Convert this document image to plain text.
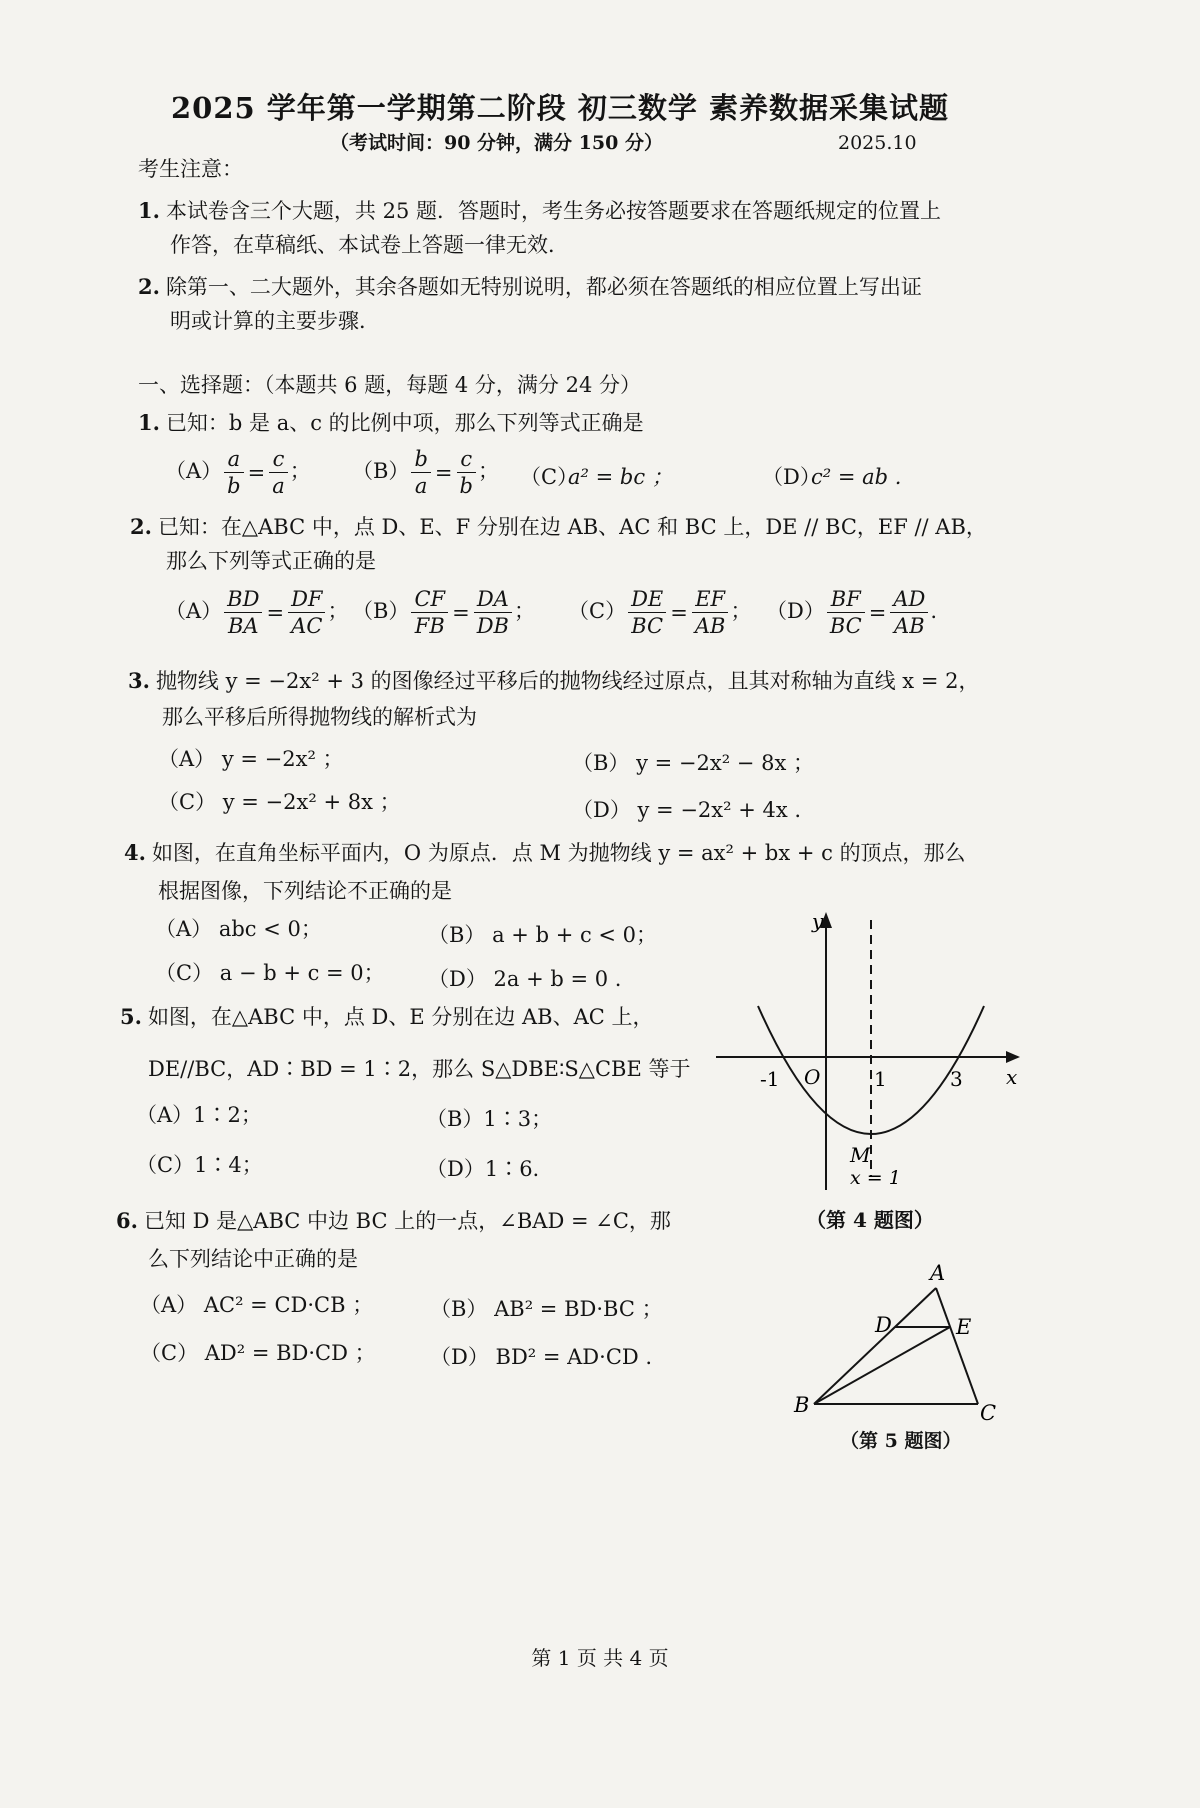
2025 学年第一学期第二阶段 初三数学 素养数据采集试题
（考试时间：90 分钟，满分 150 分）	2025.10
考生注意：
1. 本试卷含三个大题，共 25 题．答题时，考生务必按答题要求在答题纸规定的位置上
作答，在草稿纸、本试卷上答题一律无效．
2. 除第一、二大题外，其余各题如无特别说明，都必须在答题纸的相应位置上写出证
明或计算的主要步骤．
一、选择题：（本题共 6 题，每题 4 分，满分 24 分）
1. 已知：b 是 a、c 的比例中项，那么下列等式正确是
$(A) \frac{a}{b} = \frac{c}{a}$ ； $(B) \frac{b}{a} = \frac{c}{b}$ ；	a² = bc ；
（C）	c² = ab .
（D）
2. 已知：在△ABC 中，点 D、E、F 分别在边 AB、AC 和 BC 上，DE // BC，EF // AB，
那么下列等式正确的是
$(A) \frac{BD}{BA} = \frac{DF}{AC}$ ； $(B) \frac{CF}{FB} = \frac{DA}{DB}$ ； $(C) \frac{DE}{BC} = \frac{EF}{AB}$ ； $(D) \frac{BF}{BC} = \frac{AD}{AB}$ .
3. 抛物线 y = −2x² + 3 的图像经过平移后的抛物线经过原点，且其对称轴为直线 x = 2，
那么平移后所得抛物线的解析式为
（A） y = −2x² ；	（B） y = −2x² − 8x ；
（C） y = −2x² + 8x ；	（D） y = −2x² + 4x .
4. 如图，在直角坐标平面内，O 为原点．点 M 为抛物线 y = ax² + bx + c 的顶点，那么
根据图像，下列结论不正确的是
（A） abc < 0；	（B） a + b + c < 0；
（C） a − b + c = 0； （D） 2a + b = 0 .
5. 如图，在△ABC 中，点 D、E 分别在边 AB、AC 上，
DE//BC，AD∶BD = 1∶2，那么 S△DBE∶S△CBE 等于
（A）1∶2；	（B）1∶3；
（C）1∶4；	（D）1∶6.
6. 已知 D 是△ABC 中边 BC 上的一点，∠BAD = ∠C，那
么下列结论中正确的是
（A） AC² = CD·CB ；	（B） AB² = BD·BC ；
（C） AD² = BD·CD ；	（D） BD² = AD·CD .
y
x
O
-1	1	3
M
x = 1
（第 4 题图）
A
D	E
B	C
（第 5 题图）
第 1 页 共 4 页
